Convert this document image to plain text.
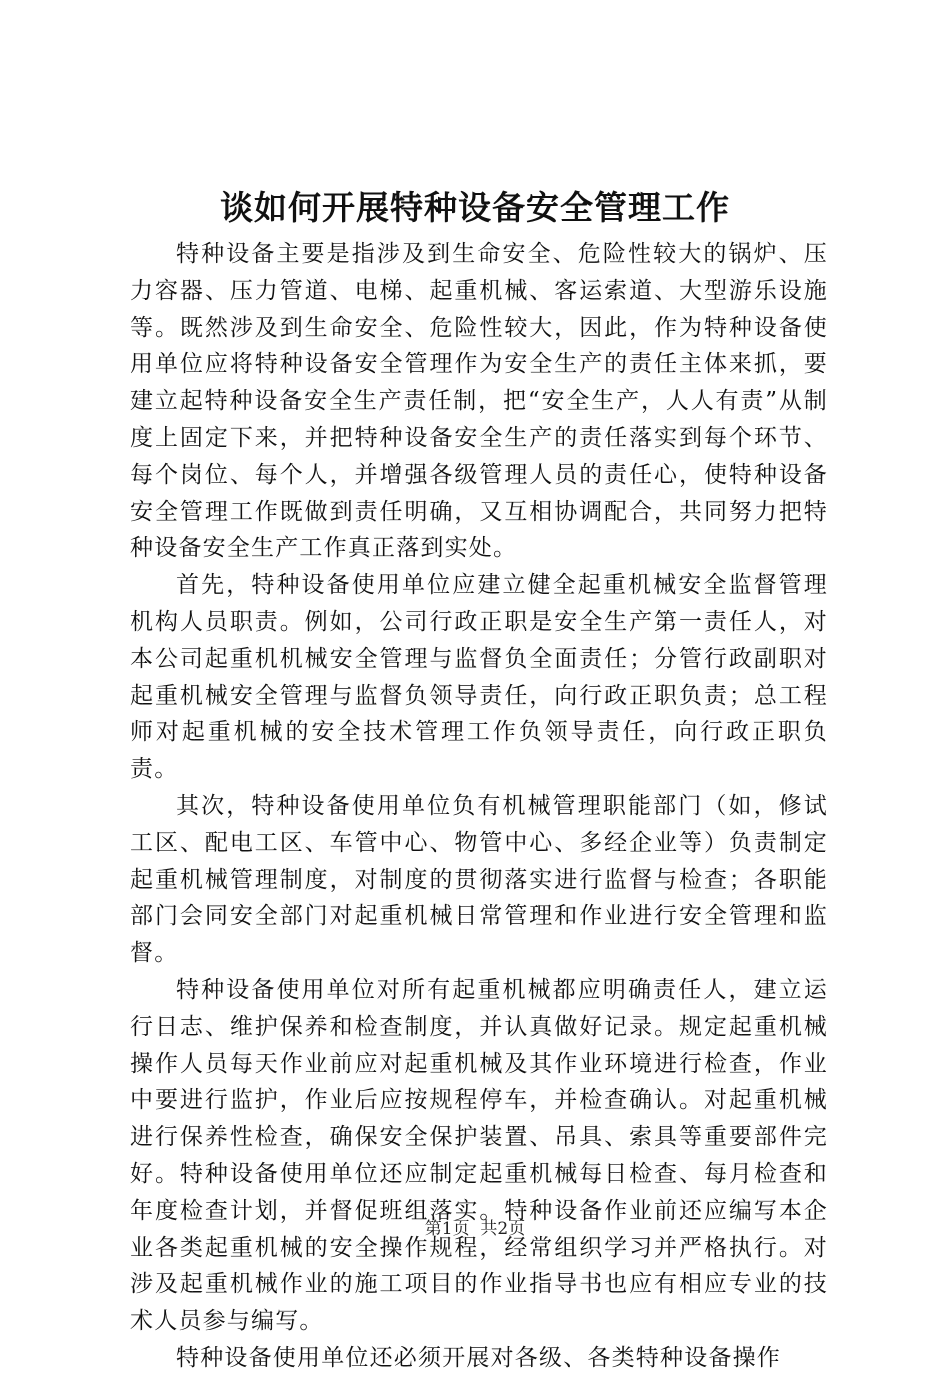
谈如何开展特种设备安全管理工作

特种设备主要是指涉及到生命安全、危险性较大的锅炉、压力容器、压力管道、电梯、起重机械、客运索道、大型游乐设施等。既然涉及到生命安全、危险性较大，因此，作为特种设备使用单位应将特种设备安全管理作为安全生产的责任主体来抓，要建立起特种设备安全生产责任制，把“安全生产，人人有责”从制度上固定下来，并把特种设备安全生产的责任落实到每个环节、每个岗位、每个人，并增强各级管理人员的责任心，使特种设备安全管理工作既做到责任明确，又互相协调配合，共同努力把特种设备安全生产工作真正落到实处。

首先，特种设备使用单位应建立健全起重机械安全监督管理机构人员职责。例如，公司行政正职是安全生产第一责任人，对本公司起重机机械安全管理与监督负全面责任；分管行政副职对起重机械安全管理与监督负领导责任，向行政正职负责；总工程师对起重机械的安全技术管理工作负领导责任，向行政正职负责。

其次，特种设备使用单位负有机械管理职能部门（如，修试工区、配电工区、车管中心、物管中心、多经企业等）负责制定起重机械管理制度，对制度的贯彻落实进行监督与检查；各职能部门会同安全部门对起重机械日常管理和作业进行安全管理和监督。

特种设备使用单位对所有起重机械都应明确责任人，建立运行日志、维护保养和检查制度，并认真做好记录。规定起重机械操作人员每天作业前应对起重机械及其作业环境进行检查，作业中要进行监护，作业后应按规程停车，并检查确认。对起重机械进行保养性检查，确保安全保护装置、吊具、索具等重要部件完好。特种设备使用单位还应制定起重机械每日检查、每月检查和年度检查计划，并督促班组落实。特种设备作业前还应编写本企业各类起重机械的安全操作规程，经常组织学习并严格执行。对涉及起重机械作业的施工项目的作业指导书也应有相应专业的技术人员参与编写。

特种设备使用单位还必须开展对各级、各类特种设备操作

第1页  共2页
